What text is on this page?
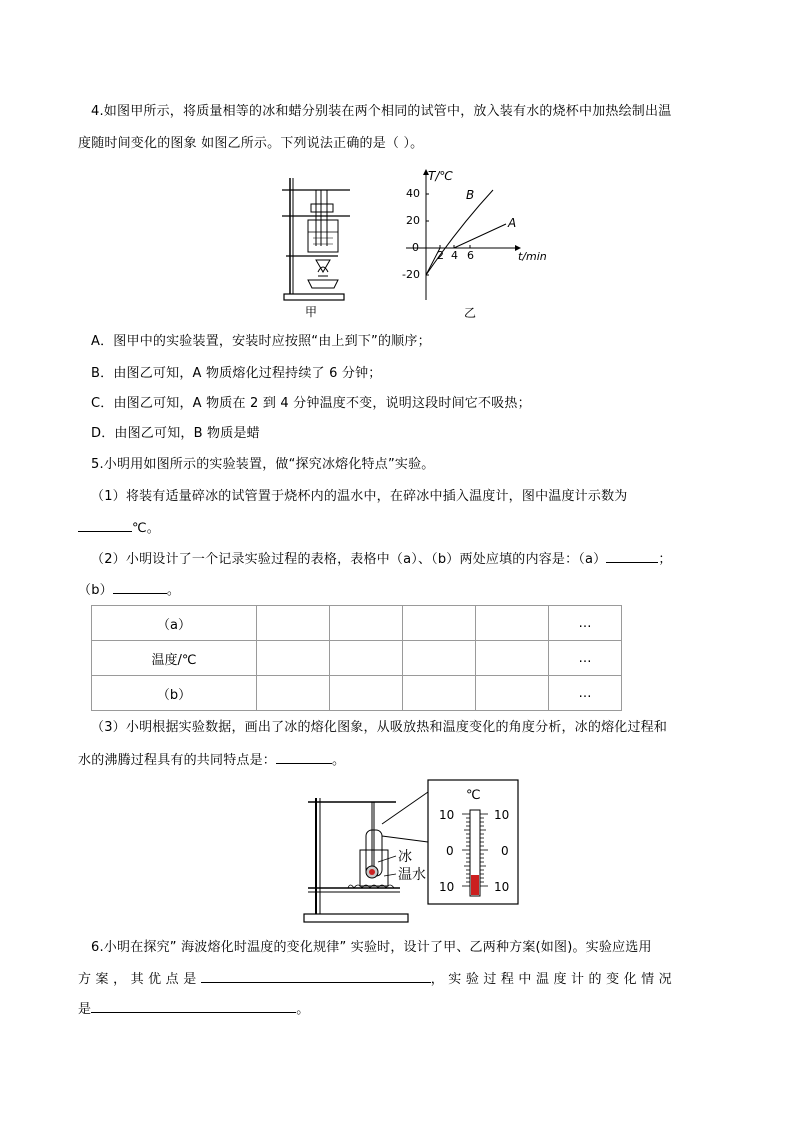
4.如图甲所示，将质量相等的冰和蜡分别装在两个相同的试管中，放入装有水的烧杯中加热绘制出温
度随时间变化的图象 如图乙所示。下列说法正确的是（ ）。
甲
T/℃
t/min
40
20
0
-20
2 4 6
B
A
乙
A．图甲中的实验装置，安装时应按照“由上到下”的顺序；
B．由图乙可知，A 物质熔化过程持续了 6 分钟；
C．由图乙可知，A 物质在 2 到 4 分钟温度不变，说明这段时间它不吸热；
D．由图乙可知，B 物质是蜡
5.小明用如图所示的实验装置，做“探究冰熔化特点”实验。
（1）将装有适量碎冰的试管置于烧杯内的温水中，在碎冰中插入温度计，图中温度计示数为
℃。
（2）小明设计了一个记录实验过程的表格，表格中（a）、（b）两处应填的内容是：（a）	；
（b）	。
（a）					…
温度/℃					…
（b）					…
（3）小明根据实验数据，画出了冰的熔化图象，从吸放热和温度变化的角度分析，冰的熔化过程和
水的沸腾过程具有的共同特点是：	。
冰
温水
℃
10
0
10
10
0
10
6.小明在探究” 海波熔化时温度的变化规律” 实验时，设计了甲、乙两种方案(如图)。实验应选用
方 案 ， 其 优 点 是	， 实 验 过 程 中 温 度 计 的 变 化 情 况
是	。
